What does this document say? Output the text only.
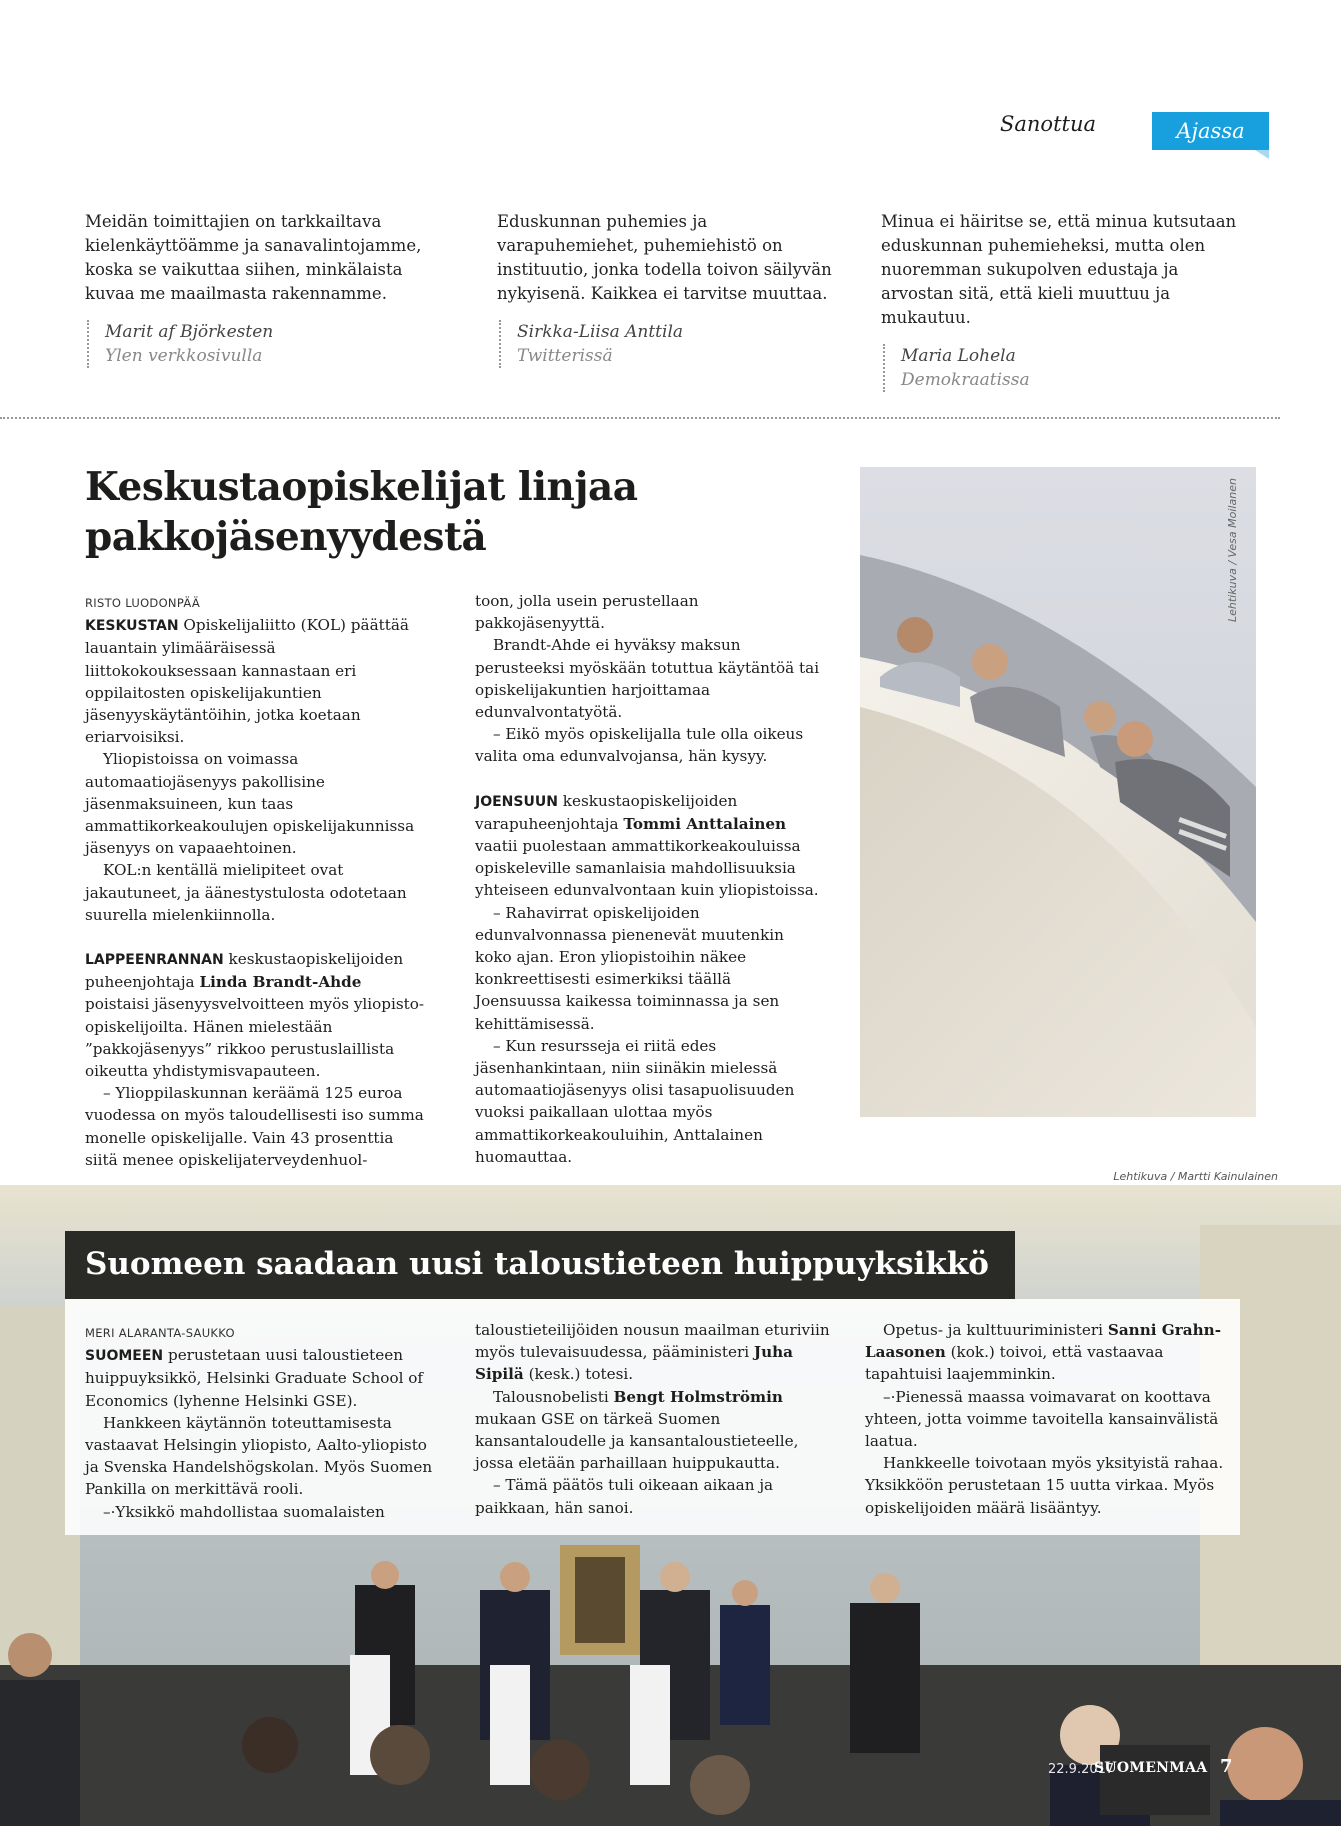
Sanottua	Ajassa
Meidän toimittajien on tarkkailtava kielenkäyttöämme ja sanavalintojamme, koska se vaikuttaa siihen, minkälaista kuvaa me maailmasta rakennamme.
Marit af Björkesten
Ylen verkkosivulla
Eduskunnan puhemies ja varapuhemiehet, puhemiehistö on instituutio, jonka todella toivon säilyvän nykyisenä. Kaikkea ei tarvitse muuttaa.
Sirkka-Liisa Anttila
Twitterissä
Minua ei häiritse se, että minua kutsutaan eduskunnan puhemieheksi, mutta olen nuoremman sukupolven edustaja ja arvostan sitä, että kieli muuttuu ja mukautuu.
Maria Lohela
Demokraatissa
Keskustaopiskelijat linjaa pakkojäsenyydestä
RISTO LUODONPÄÄ

KESKUSTAN Opiskelijaliitto (KOL) päättää lauantain ylimääräisessä liittokokouksessaan kannastaan eri oppilaitosten opiskelijakuntien jäsenyyskäytäntöihin, jotka koetaan eriarvoisiksi.

Yliopistoissa on voimassa automaatiojäsenyys pakollisine jäsenmaksuineen, kun taas ammattikorkeakoulujen opiskelijakunnissa jäsenyys on vapaaehtoinen.

KOL:n kentällä mielipiteet ovat jakautuneet, ja äänestystulosta odotetaan suurella mielenkiinnolla.

LAPPEENRANNAN keskustaopiskelijoiden puheenjohtaja Linda Brandt-Ahde poistaisi jäsenyysvelvoitteen myös yliopisto-opiskelijoilta. Hänen mielestään ”pakkojäsenyys” rikkoo perustuslaillista oikeutta yhdistymisvapauteen.

– Ylioppilaskunnan keräämä 125 euroa vuodessa on myös taloudellisesti iso summa monelle opiskelijalle. Vain 43 prosenttia siitä menee opiskelijaterveydenhuol-

toon, jolla usein perustellaan pakkojäsenyyttä.

Brandt-Ahde ei hyväksy maksun perusteeksi myöskään totuttua käytäntöä tai opiskelijakuntien harjoittamaa edunvalvontatyötä.

– Eikö myös opiskelijalla tule olla oikeus valita oma edunvalvojansa, hän kysyy.

JOENSUUN keskustaopiskelijoiden varapuheenjohtaja Tommi Anttalainen vaatii puolestaan ammattikorkeakouluissa opiskeleville samanlaisia mahdollisuuksia yhteiseen edunvalvontaan kuin yliopistoissa.

– Rahavirrat opiskelijoiden edunvalvonnassa pienenevät muutenkin koko ajan. Eron yliopistoihin näkee konkreettisesti esimerkiksi täällä Joensuussa kaikessa toiminnassa ja sen kehittämisessä.

– Kun resursseja ei riitä edes jäsenhankintaan, niin siinäkin mielessä automaatiojäsenyys olisi tasapuolisuuden vuoksi paikallaan ulottaa myös ammattikorkeakouluihin, Anttalainen huomauttaa.

Lehtikuva / Vesa Moilanen
Lehtikuva / Martti Kainulainen
Suomeen saadaan uusi taloustieteen huippuyksikkö
MERI ALARANTA-SAUKKO

SUOMEEN perustetaan uusi taloustieteen huippuyksikkö, Helsinki Graduate School of Economics (lyhenne Helsinki GSE).

Hankkeen käytännön toteuttamisesta vastaavat Helsingin yliopisto, Aalto-yliopisto ja Svenska Handelshögskolan. Myös Suomen Pankilla on merkittävä rooli.

–·Yksikkö mahdollistaa suomalaisten

taloustieteilijöiden nousun maailman eturiviin myös tulevaisuudessa, pääministeri Juha Sipilä (kesk.) totesi.

Talousnobelisti Bengt Holmströmin mukaan GSE on tärkeä Suomen kansantaloudelle ja kansantaloustieteelle, jossa eletään parhaillaan huippukautta.

– Tämä päätös tuli oikeaan aikaan ja paikkaan, hän sanoi.

Opetus- ja kulttuuriministeri Sanni Grahn-Laasonen (kok.) toivoi, että vastaavaa tapahtuisi laajemminkin.

–·Pienessä maassa voimavarat on koottava yhteen, jotta voimme tavoitella kansainvälistä laatua.

Hankkeelle toivotaan myös yksityistä rahaa. Yksikköön perustetaan 15 uutta virkaa. Myös opiskelijoiden määrä lisääntyy.

22.9.2017
SUOMENMAA 7
